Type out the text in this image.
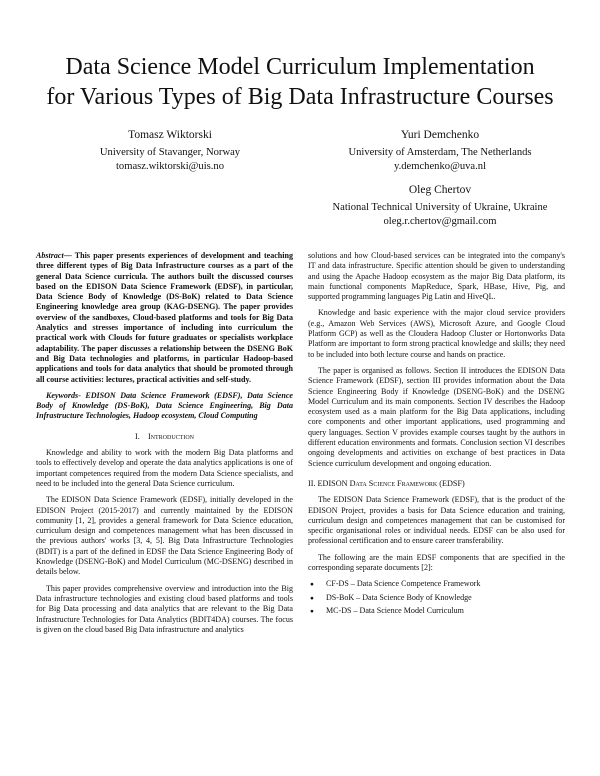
Data Science Model Curriculum Implementation
for Various Types of Big Data Infrastructure Courses
Tomasz Wiktorski
University of Stavanger, Norway
tomasz.wiktorski@uis.no
Yuri Demchenko
University of Amsterdam, The Netherlands
y.demchenko@uva.nl
Oleg Chertov
National Technical University of Ukraine, Ukraine
oleg.r.chertov@gmail.com

Abstract— This paper presents experiences of development and teaching three different types of Big Data Infrastructure courses as a part of the general Data Science curricula. The authors built the discussed courses based on the EDISON Data Science Framework (EDSF), in particular, Data Science Body of Knowledge (DS-BoK) related to Data Science Engineering knowledge area group (KAG-DSENG). The paper provides overview of the sandboxes, Cloud-based platforms and tools for Big Data Analytics and stresses importance of including into curriculum the practical work with Clouds for future graduates or specialists workplace adaptability. The paper discusses a relationship between the DSENG BoK and Big Data technologies and platforms, in particular Hadoop-based applications and tools for data analytics that should be promoted through all course activities: lectures, practical activities and self-study.

Keywords- EDISON Data Science Framework (EDSF), Data Science Body of Knowledge (DS-BoK), Data Science Engineering, Big Data Infrastructure Technologies, Hadoop ecosystem, Cloud Computing

I. Introduction

Knowledge and ability to work with the modern Big Data platforms and tools to effectively develop and operate the data analytics applications is one of important competences required from the modern Data Science specialists, and need to be included into the general Data Science curriculum.

The EDISON Data Science Framework (EDSF), initially developed in the EDISON Project (2015-2017) and currently maintained by the EDISON community [1, 2], provides a general framework for Data Science education, curriculum design and competences management what has been discussed in the previous authors' works [3, 4, 5]. Big Data Infrastructure Technologies (BDIT) is a part of the defined in EDSF the Data Science Engineering Body of Knowledge (DSENG-BoK) and Model Curriculum (MC-DSENG) described in details below.

This paper provides comprehensive overview and introduction into the Big Data infrastructure technologies and existing cloud based platforms and tools for Big Data processing and data analytics that are relevant to the Big Data Infrastructure Technologies for Data Analytics (BDIT4DA) courses. The focus is given on the cloud based Big Data infrastructure and analytics

solutions and how Cloud-based services can be integrated into the company's IT and data infrastructure. Specific attention should be given to understanding and using the Apache Hadoop ecosystem as the major Big Data platform, its main functional components MapReduce, Spark, HBase, Hive, Pig, and supported programming languages Pig Latin and HiveQL.

Knowledge and basic experience with the major cloud service providers (e.g., Amazon Web Services (AWS), Microsoft Azure, and Google Cloud Platform GCP) as well as the Cloudera Hadoop Cluster or Hortonworks Data Platform are important to form strong practical knowledge and skills; they need to be included into both lecture course and hands on practice.

The paper is organised as follows. Section II introduces the EDISON Data Science Framework (EDSF), section III provides information about the Data Science Engineering Body if Knowledge (DSENG-BoK) and the DSENG Model Curriculum and its main components. Section IV describes the Hadoop ecosystem used as a main platform for the Big Data applications, including core components and other important applications, used programming and query languages. Section V provides example courses taught by the authors in different education environments and formats. Conclusion section VI describes ongoing developments and activities on exchange of best practices in Data Science curriculum development and ongoing education.

II. EDISON Data Science Framework (EDSF)

The EDISON Data Science Framework (EDSF), that is the product of the EDISON Project, provides a basis for Data Science education and training, curriculum design and competences management that can be customised for specific organisational roles or individual needs. EDSF can be also used for professional certification and to ensure career transferability.

The following are the main EDSF components that are specified in the corresponding separate documents [2]:

● CF-DS – Data Science Competence Framework
● DS-BoK – Data Science Body of Knowledge
● MC-DS – Data Science Model Curriculum
